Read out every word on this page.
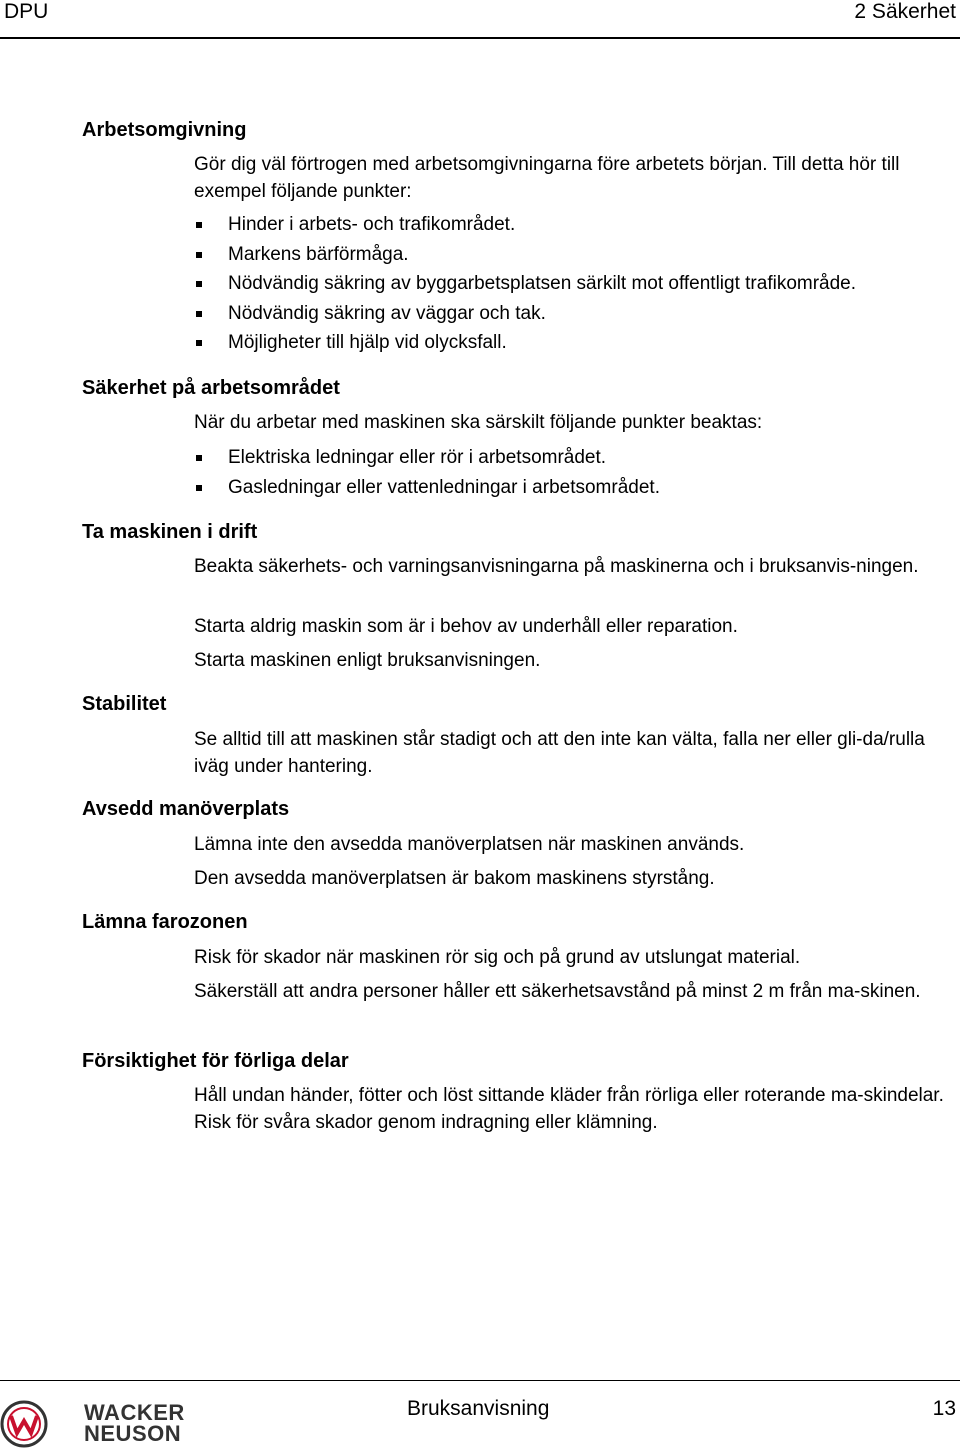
DPU	2 Säkerhet
Arbetsomgivning
Gör dig väl förtrogen med arbetsomgivningarna före arbetets början. Till detta hör till exempel följande punkter:
Hinder i arbets- och trafikområdet.
Markens bärförmåga.
Nödvändig säkring av byggarbetsplatsen särkilt mot offentligt trafikområde.
Nödvändig säkring av väggar och tak.
Möjligheter till hjälp vid olycksfall.
Säkerhet på arbetsområdet
När du arbetar med maskinen ska särskilt följande punkter beaktas:
Elektriska ledningar eller rör i arbetsområdet.
Gasledningar eller vattenledningar i arbetsområdet.
Ta maskinen i drift
Beakta säkerhets- och varningsanvisningarna på maskinerna och i bruksanvis-ningen.
Starta aldrig maskin som är i behov av underhåll eller reparation.
Starta maskinen enligt bruksanvisningen.
Stabilitet
Se alltid till att maskinen står stadigt och att den inte kan välta, falla ner eller gli-da/rulla iväg under hantering.
Avsedd manöverplats
Lämna inte den avsedda manöverplatsen när maskinen används.
Den avsedda manöverplatsen är bakom maskinens styrstång.
Lämna farozonen
Risk för skador när maskinen rör sig och på grund av utslungat material.
Säkerställ att andra personer håller ett säkerhetsavstånd på minst 2 m från ma-skinen.
Försiktighet för förliga delar
Håll undan händer, fötter och löst sittande kläder från rörliga eller roterande ma-skindelar. Risk för svåra skador genom indragning eller klämning.
WACKER
NEUSON
Bruksanvisning	13
